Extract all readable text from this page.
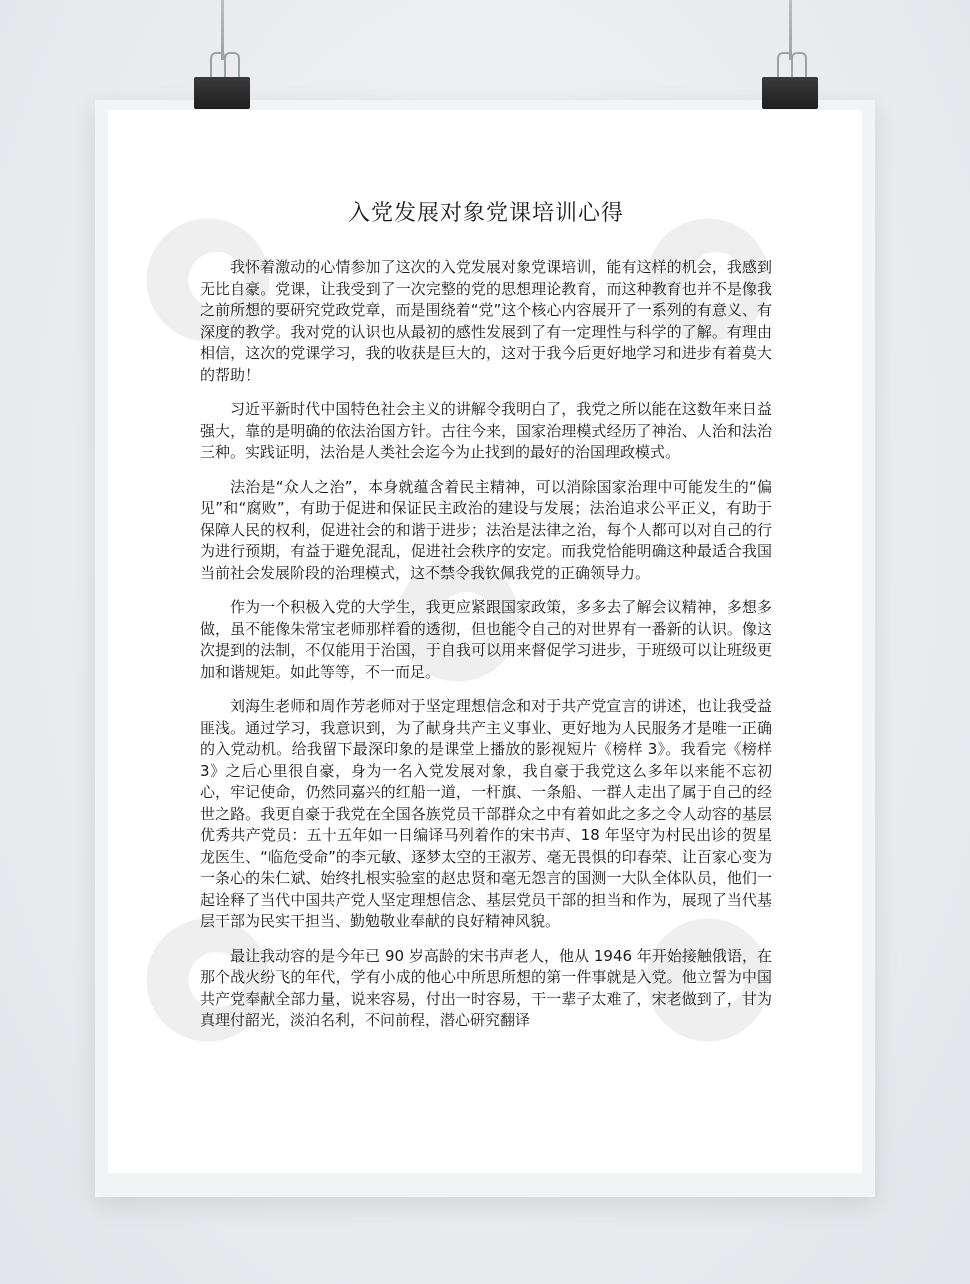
入党发展对象党课培训心得

我怀着激动的心情参加了这次的入党发展对象党课培训，能有这样的机会，我感到无比自豪。党课，让我受到了一次完整的党的思想理论教育，而这种教育也并不是像我之前所想的要研究党政党章，而是围绕着“党”这个核心内容展开了一系列的有意义、有深度的教学。我对党的认识也从最初的感性发展到了有一定理性与科学的了解。有理由相信，这次的党课学习，我的收获是巨大的，这对于我今后更好地学习和进步有着莫大的帮助！

习近平新时代中国特色社会主义的讲解令我明白了，我党之所以能在这数年来日益强大，靠的是明确的依法治国方针。古往今来，国家治理模式经历了神治、人治和法治三种。实践证明，法治是人类社会迄今为止找到的最好的治国理政模式。

法治是“众人之治”，本身就蕴含着民主精神，可以消除国家治理中可能发生的“偏见”和“腐败”，有助于促进和保证民主政治的建设与发展；法治追求公平正义，有助于保障人民的权利，促进社会的和谐于进步；法治是法律之治，每个人都可以对自己的行为进行预期，有益于避免混乱，促进社会秩序的安定。而我党恰能明确这种最适合我国当前社会发展阶段的治理模式，这不禁令我钦佩我党的正确领导力。

作为一个积极入党的大学生，我更应紧跟国家政策，多多去了解会议精神，多想多做，虽不能像朱常宝老师那样看的透彻，但也能令自己的对世界有一番新的认识。像这次提到的法制，不仅能用于治国，于自我可以用来督促学习进步，于班级可以让班级更加和谐规矩。如此等等，不一而足。

刘海生老师和周作芳老师对于坚定理想信念和对于共产党宣言的讲述，也让我受益匪浅。通过学习，我意识到，为了献身共产主义事业、更好地为人民服务才是唯一正确的入党动机。给我留下最深印象的是课堂上播放的影视短片《榜样 3》。我看完《榜样 3》之后心里很自豪，身为一名入党发展对象，我自豪于我党这么多年以来能不忘初心，牢记使命，仍然同嘉兴的红船一道，一杆旗、一条船、一群人走出了属于自己的经世之路。我更自豪于我党在全国各族党员干部群众之中有着如此之多之令人动容的基层优秀共产党员：五十五年如一日编译马列着作的宋书声、18 年坚守为村民出诊的贺星龙医生、“临危受命”的李元敏、逐梦太空的王淑芳、毫无畏惧的印春荣、让百家心变为一条心的朱仁斌、始终扎根实验室的赵忠贤和毫无怨言的国测一大队全体队员，他们一起诠释了当代中国共产党人坚定理想信念、基层党员干部的担当和作为，展现了当代基层干部为民实干担当、勤勉敬业奉献的良好精神风貌。

最让我动容的是今年已 90 岁高龄的宋书声老人，他从 1946 年开始接触俄语，在那个战火纷飞的年代，学有小成的他心中所思所想的第一件事就是入党。他立誓为中国共产党奉献全部力量，说来容易，付出一时容易，干一辈子太难了，宋老做到了，甘为真理付韶光，淡泊名利，不问前程，潜心研究翻译
